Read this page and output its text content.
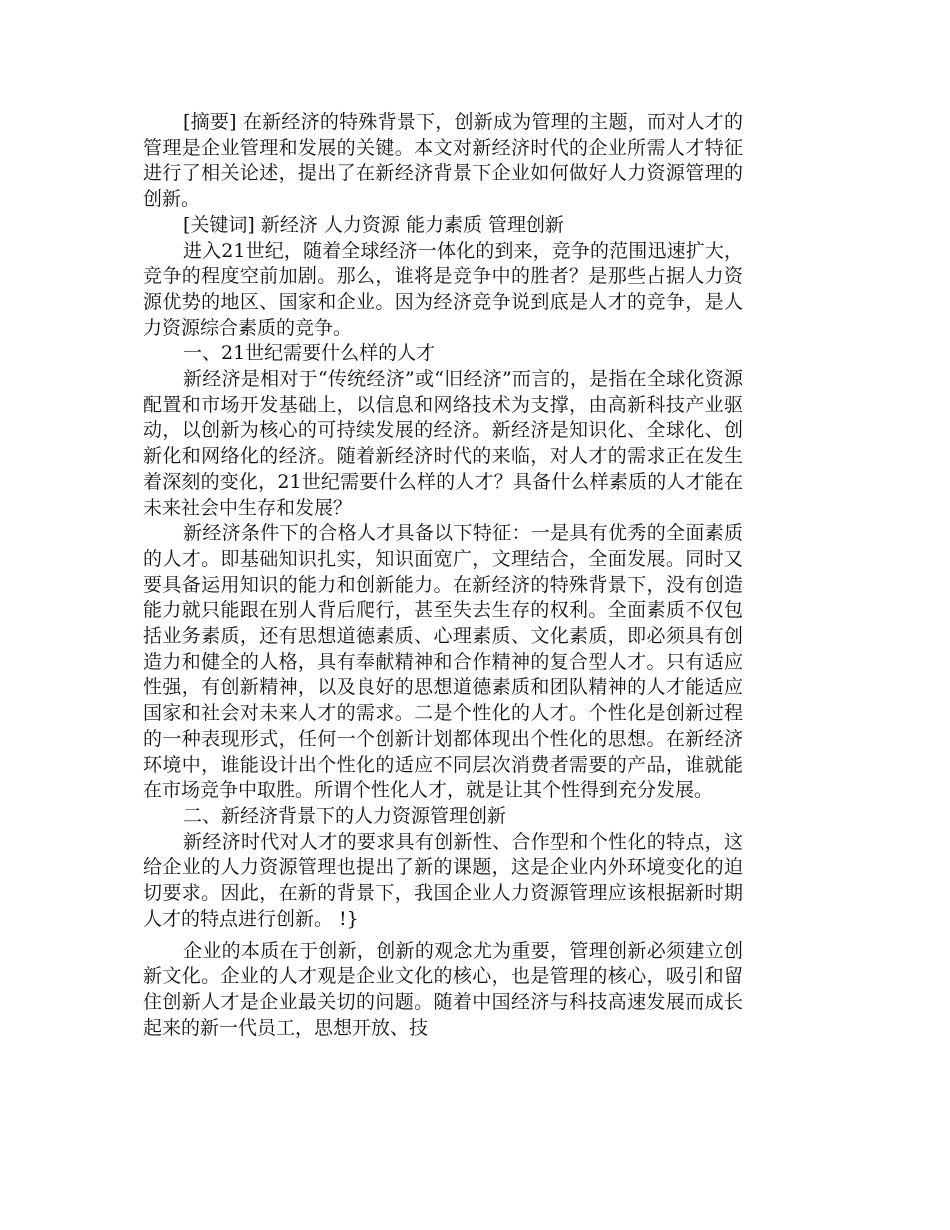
[摘要] 在新经济的特殊背景下，创新成为管理的主题，而对人才的管理是企业管理和发展的关键。本文对新经济时代的企业所需人才特征进行了相关论述，提出了在新经济背景下企业如何做好人力资源管理的创新。

[关键词] 新经济 人力资源 能力素质 管理创新

进入21世纪，随着全球经济一体化的到来，竞争的范围迅速扩大，竞争的程度空前加剧。那么，谁将是竞争中的胜者？是那些占据人力资源优势的地区、国家和企业。因为经济竞争说到底是人才的竞争，是人力资源综合素质的竞争。

一、21世纪需要什么样的人才

新经济是相对于“传统经济”或“旧经济”而言的，是指在全球化资源配置和市场开发基础上，以信息和网络技术为支撑，由高新科技产业驱动，以创新为核心的可持续发展的经济。新经济是知识化、全球化、创新化和网络化的经济。随着新经济时代的来临，对人才的需求正在发生着深刻的变化，21世纪需要什么样的人才？具备什么样素质的人才能在未来社会中生存和发展？

新经济条件下的合格人才具备以下特征：一是具有优秀的全面素质的人才。即基础知识扎实，知识面宽广，文理结合，全面发展。同时又要具备运用知识的能力和创新能力。在新经济的特殊背景下，没有创造能力就只能跟在别人背后爬行，甚至失去生存的权利。全面素质不仅包括业务素质，还有思想道德素质、心理素质、文化素质，即必须具有创造力和健全的人格，具有奉献精神和合作精神的复合型人才。只有适应性强，有创新精神，以及良好的思想道德素质和团队精神的人才能适应国家和社会对未来人才的需求。二是个性化的人才。个性化是创新过程的一种表现形式，任何一个创新计划都体现出个性化的思想。在新经济环境中，谁能设计出个性化的适应不同层次消费者需要的产品，谁就能在市场竞争中取胜。所谓个性化人才，就是让其个性得到充分发展。

二、新经济背景下的人力资源管理创新

新经济时代对人才的要求具有创新性、合作型和个性化的特点，这给企业的人力资源管理也提出了新的课题，这是企业内外环境变化的迫切要求。因此，在新的背景下，我国企业人力资源管理应该根据新时期人才的特点进行创新。 !}

企业的本质在于创新，创新的观念尤为重要，管理创新必须建立创新文化。企业的人才观是企业文化的核心，也是管理的核心，吸引和留住创新人才是企业最关切的问题。随着中国经济与科技高速发展而成长起来的新一代员工，思想开放、技
